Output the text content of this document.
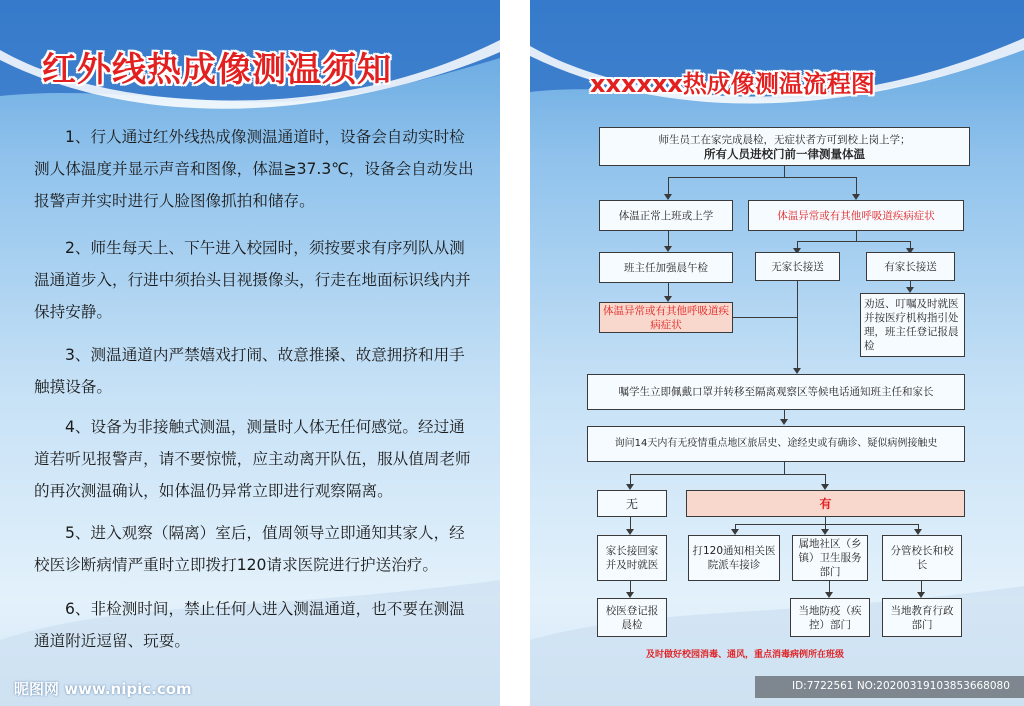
红外线热成像测温须知

1、行人通过红外线热成像测温通道时，设备会自动实时检测人体温度并显示声音和图像，体温≧37.3℃，设备会自动发出报警声并实时进行人脸图像抓拍和储存。

2、师生每天上、下午进入校园时，须按要求有序列队从测温通道步入，行进中须抬头目视摄像头，行走在地面标识线内并保持安静。

3、测温通道内严禁嬉戏打闹、故意推搡、故意拥挤和用手触摸设备。

4、设备为非接触式测温，测量时人体无任何感觉。经过通道若听见报警声，请不要惊慌，应主动离开队伍，服从值周老师的再次测温确认，如体温仍异常立即进行观察隔离。

5、进入观察（隔离）室后，值周领导立即通知其家人，经校医诊断病情严重时立即拨打120请求医院进行护送治疗。

6、非检测时间，禁止任何人进入测温通道，也不要在测温通道附近逗留、玩耍。

xxxxxx热成像测温流程图
师生员工在家完成晨检，无症状者方可到校上岗上学；
所有人员进校门前一律测量体温
体温正常上班或上学	体温异常或有其他呼吸道疾病症状
班主任加强晨午检	无家长接送	有家长接送
体温异常或有其他呼吸道疾病症状
劝返、叮嘱及时就医并按医疗机构指引处理，班主任登记报晨检
嘱学生立即佩戴口罩并转移至隔离观察区等候电话通知班主任和家长
询问14天内有无疫情重点地区旅居史、途经史或有确诊、疑似病例接触史
无	有
家长接回家并及时就医
打120通知相关医院派车接诊
属地社区（乡镇）卫生服务部门
分管校长和校长
校医登记报晨检
当地防疫（疾控）部门
当地教育行政部门
及时做好校园消毒、通风，重点消毒病例所在班级
昵图网 www.nipic.com	ID:7722561 NO:20200319103853668080
